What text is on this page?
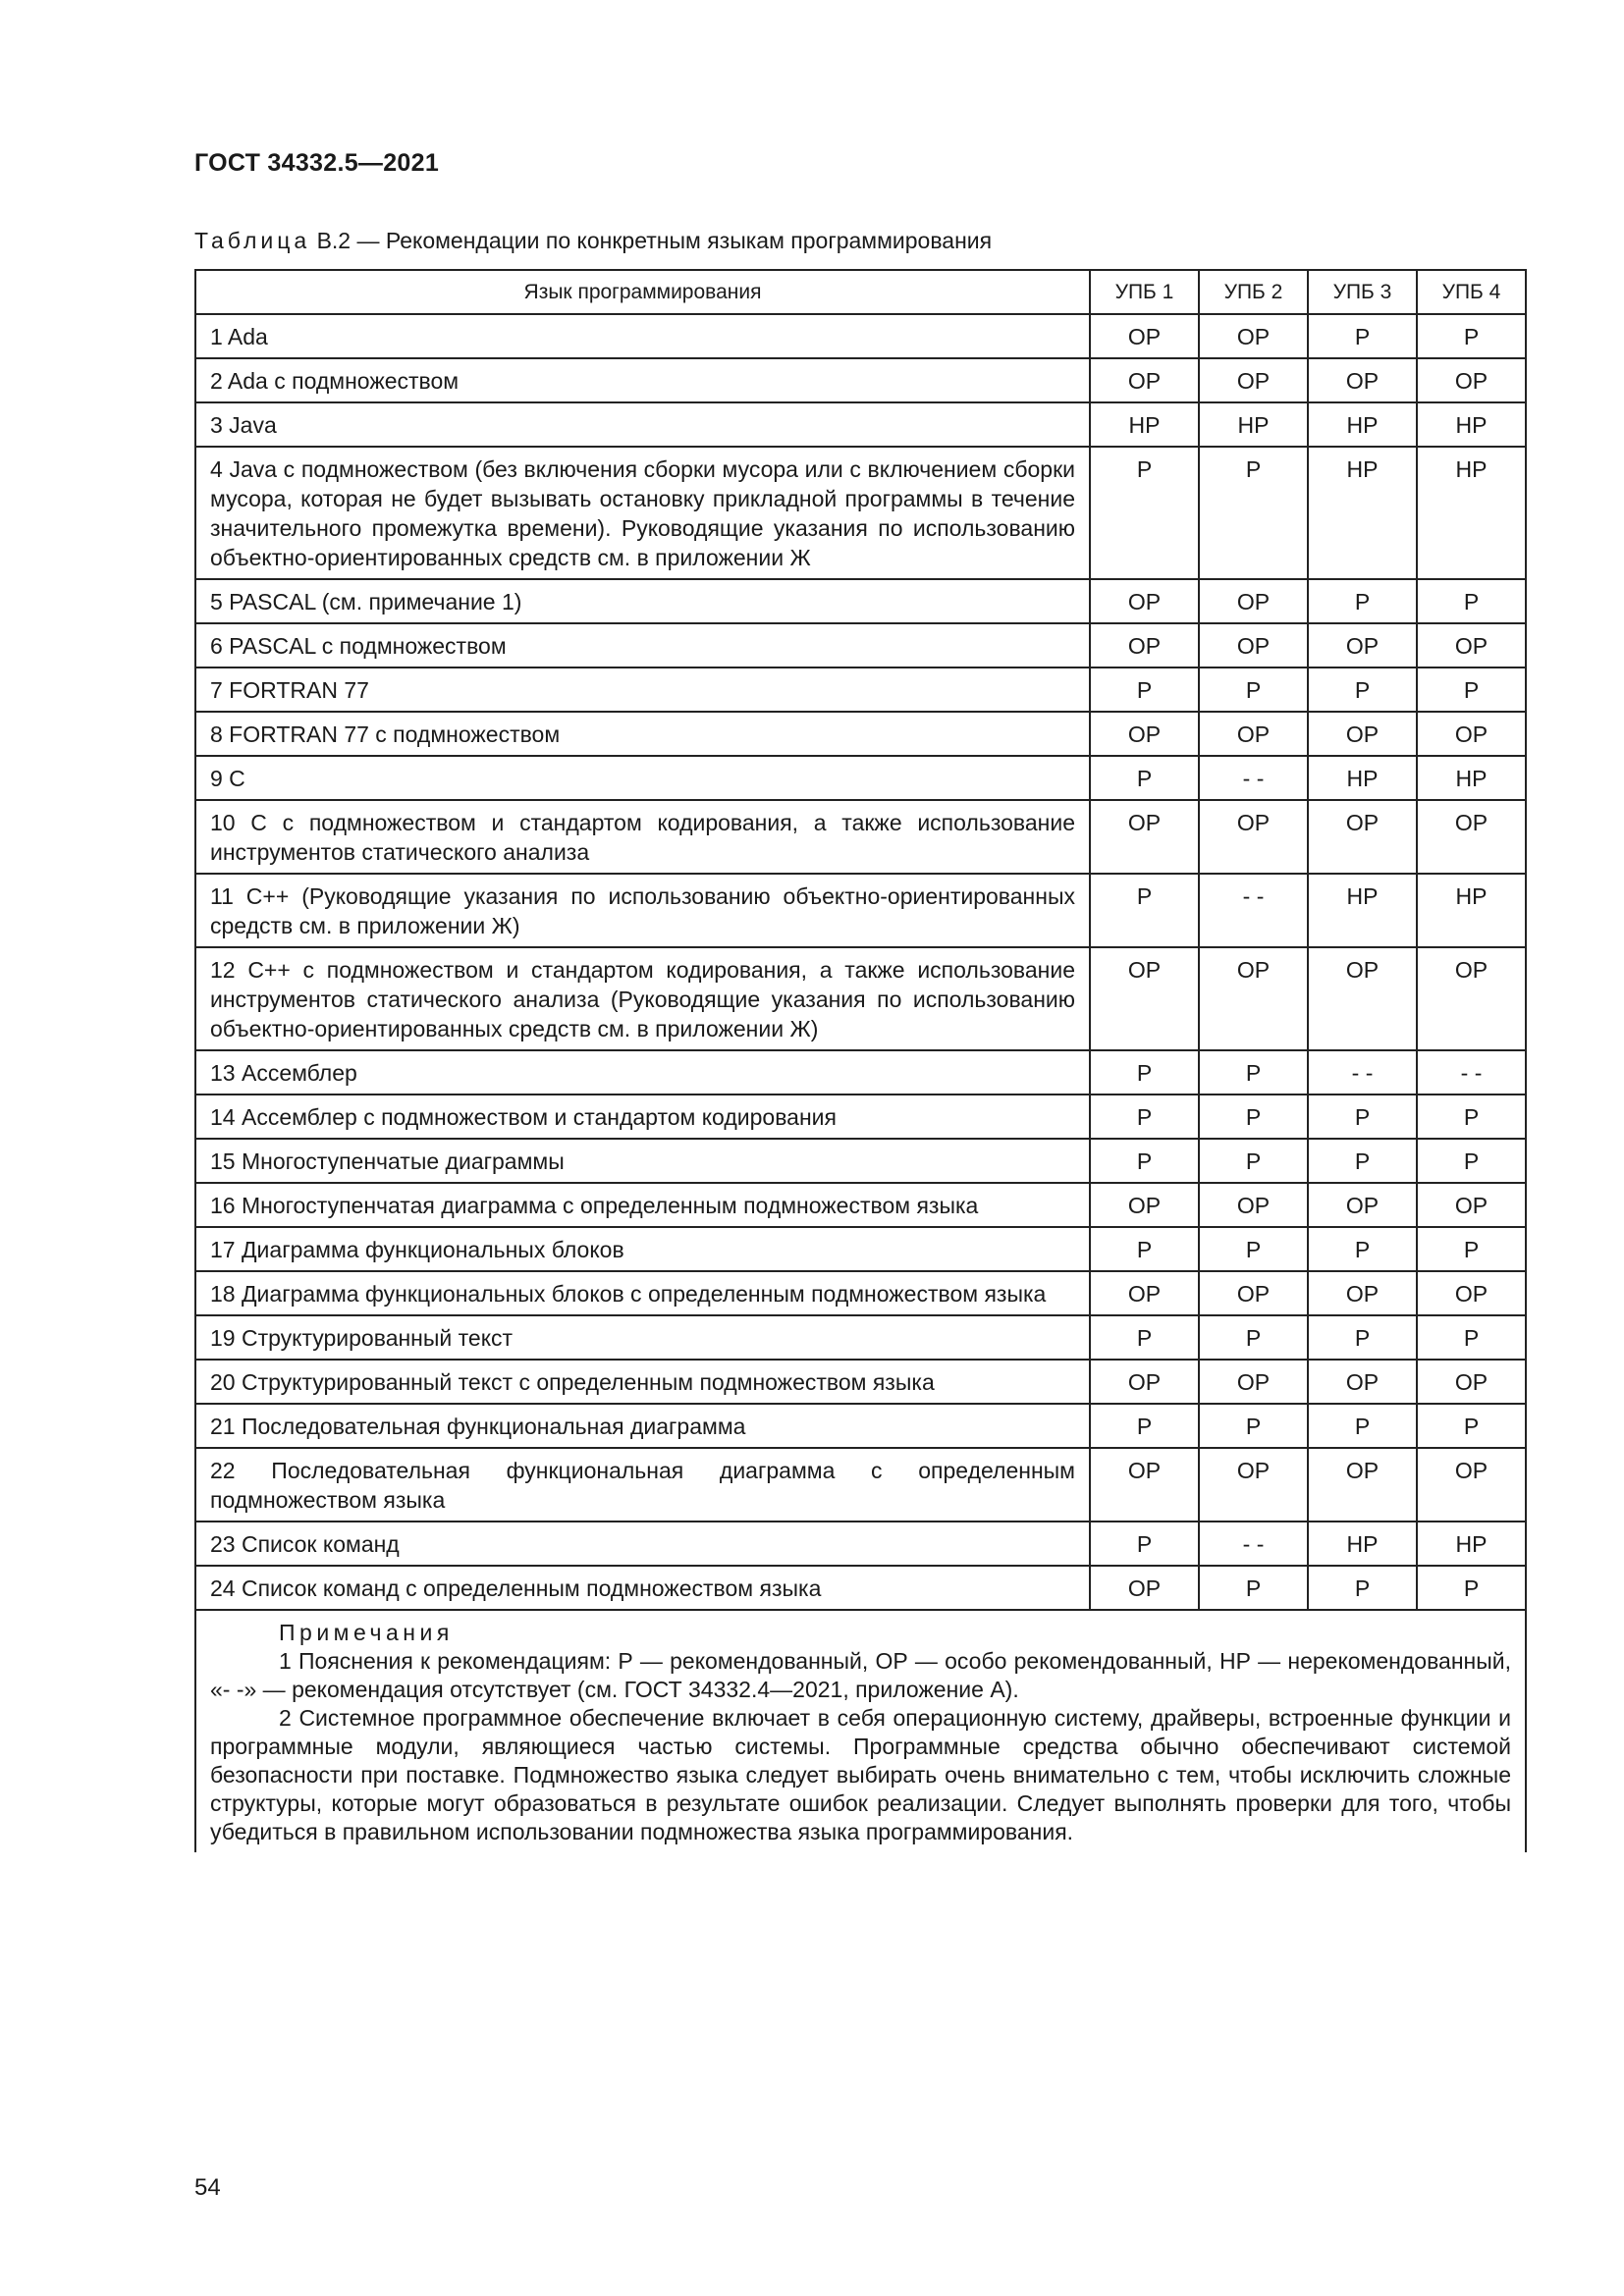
ГОСТ 34332.5—2021
Таблица В.2 — Рекомендации по конкретным языкам программирования
Язык программирования	УПБ 1	УПБ 2	УПБ 3	УПБ 4
1 Ada	ОР	ОР	Р	Р
2 Ada с подмножеством	ОР	ОР	ОР	ОР
3 Java	НР	НР	НР	НР
4 Java с подмножеством (без включения сборки мусора или с включением сборки мусора, которая не будет вызывать остановку прикладной программы в течение значительного промежутка времени). Руководящие указания по использованию объектно-ориентированных средств см. в приложении Ж	Р	Р	НР	НР
5 PASCAL (см. примечание 1)	ОР	ОР	Р	Р
6 PASCAL с подмножеством	ОР	ОР	ОР	ОР
7 FORTRAN 77	Р	Р	Р	Р
8 FORTRAN 77 с подмножеством	ОР	ОР	ОР	ОР
9 C	Р	- -	НР	НР
10 C с подмножеством и стандартом кодирования, а также использование инструментов статического анализа	ОР	ОР	ОР	ОР
11 C++ (Руководящие указания по использованию объектно-ориентированных средств см. в приложении Ж)	Р	- -	НР	НР
12 C++ с подмножеством и стандартом кодирования, а также использование инструментов статического анализа (Руководящие указания по использованию объектно-ориентированных средств см. в приложении Ж)	ОР	ОР	ОР	ОР
13 Ассемблер	Р	Р	- -	- -
14 Ассемблер с подмножеством и стандартом кодирования	Р	Р	Р	Р
15 Многоступенчатые диаграммы	Р	Р	Р	Р
16 Многоступенчатая диаграмма с определенным подмножеством языка	ОР	ОР	ОР	ОР
17 Диаграмма функциональных блоков	Р	Р	Р	Р
18 Диаграмма функциональных блоков с определенным подмножеством языка	ОР	ОР	ОР	ОР
19 Структурированный текст	Р	Р	Р	Р
20 Структурированный текст с определенным подмножеством языка	ОР	ОР	ОР	ОР
21 Последовательная функциональная диаграмма	Р	Р	Р	Р
22 Последовательная функциональная диаграмма с определенным подмножеством языка	ОР	ОР	ОР	ОР
23 Список команд	Р	- -	НР	НР
24 Список команд с определенным подмножеством языка	ОР	Р	Р	Р

Примечания

1 Пояснения к рекомендациям: Р — рекомендованный, ОР — особо рекомендованный, НР — нерекомендованный, «- -» — рекомендация отсутствует (см. ГОСТ 34332.4—2021, приложение А).

2 Системное программное обеспечение включает в себя операционную систему, драйверы, встроенные функции и программные модули, являющиеся частью системы. Программные средства обычно обеспечивают системой безопасности при поставке. Подмножество языка следует выбирать очень внимательно с тем, чтобы исключить сложные структуры, которые могут образоваться в результате ошибок реализации. Следует выполнять проверки для того, чтобы убедиться в правильном использовании подмножества языка программирования.				

54
